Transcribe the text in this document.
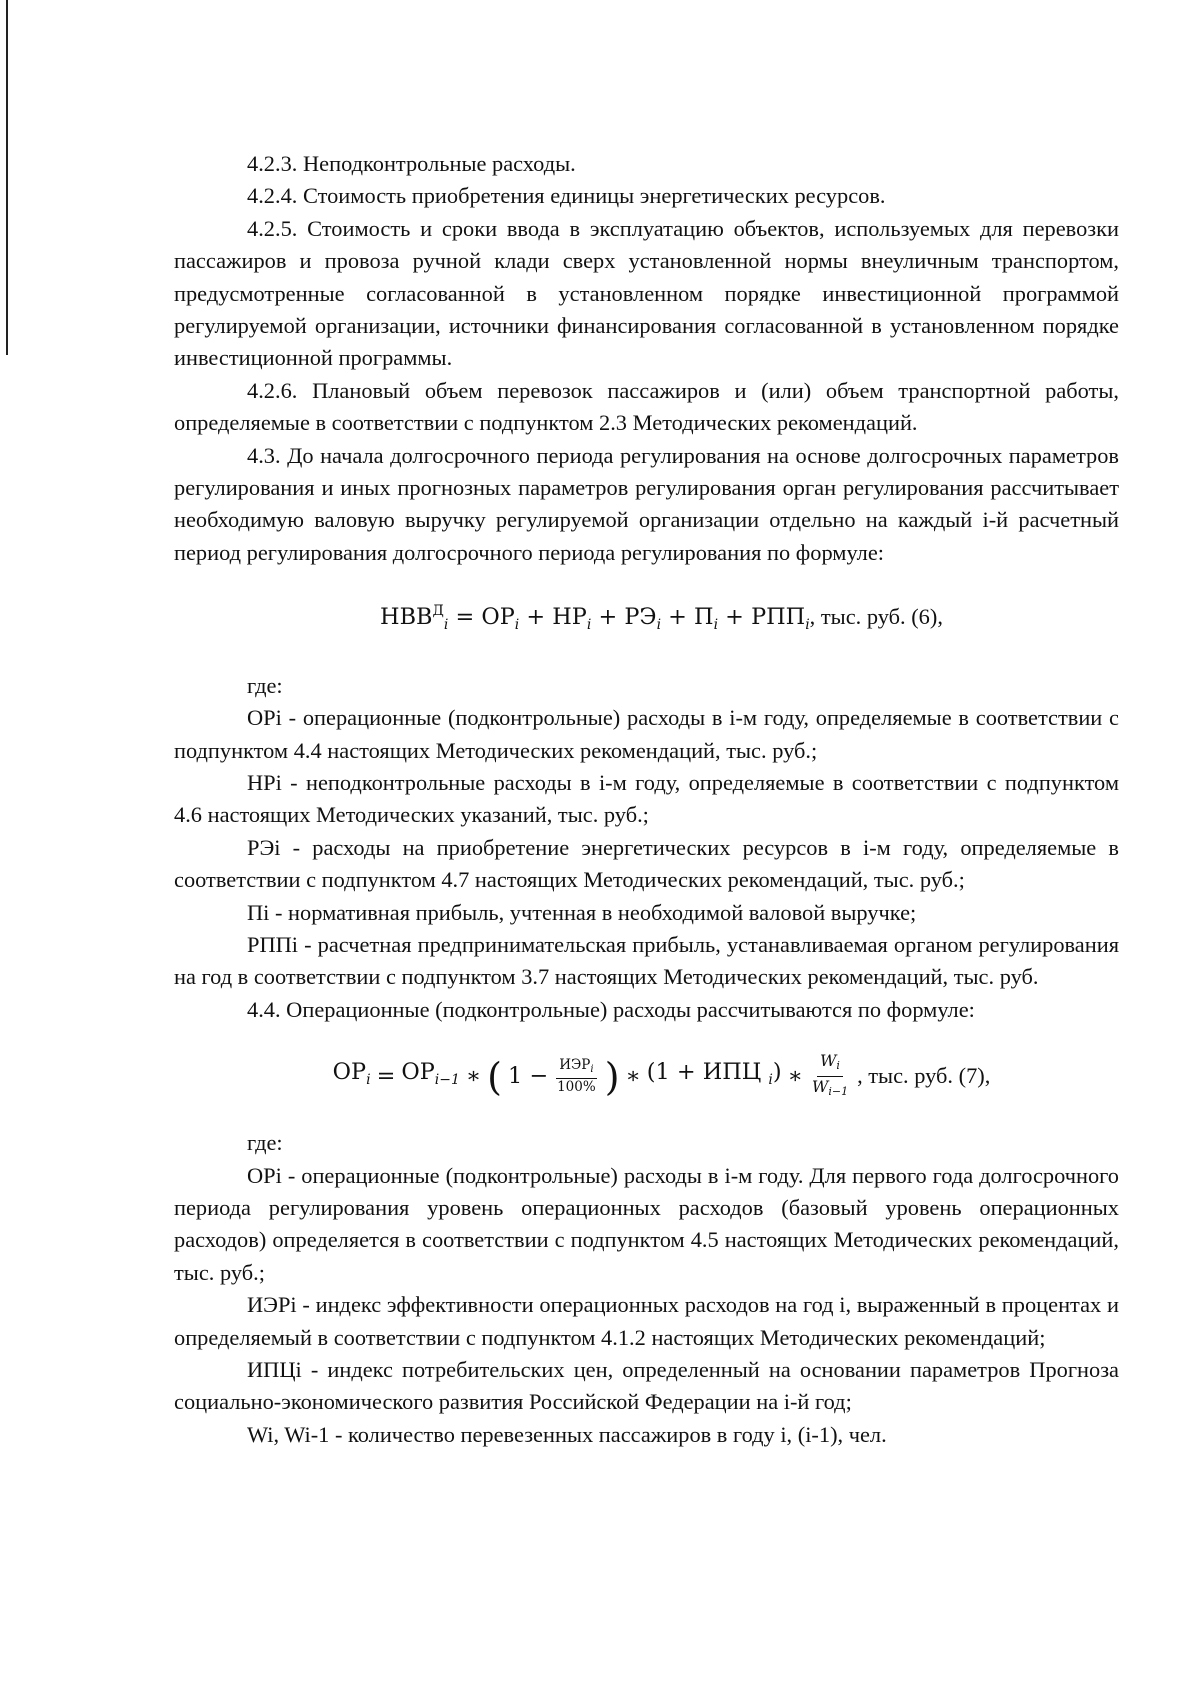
4.2.3. Неподконтрольные расходы.

4.2.4. Стоимость приобретения единицы энергетических ресурсов.

4.2.5. Стоимость и сроки ввода в эксплуатацию объектов, используемых для перевозки пассажиров и провоза ручной клади сверх установленной нормы внеуличным транспортом, предусмотренные согласованной в установленном порядке инвестиционной программой регулируемой организации, источники финансирования согласованной в установленном порядке инвестиционной программы.

4.2.6. Плановый объем перевозок пассажиров и (или) объем транспортной работы, определяемые в соответствии с подпунктом 2.3 Методических рекомендаций.

4.3. До начала долгосрочного периода регулирования на основе долгосрочных параметров регулирования и иных прогнозных параметров регулирования орган регулирования рассчитывает необходимую валовую выручку регулируемой организации отдельно на каждый i-й расчетный период регулирования долгосрочного периода регулирования по формуле:

$НВВ^Д_i = ОР_i + НР_i + РЭ_i + П_i + РПП_i$, тыс. руб. (6),

где:

ОРi - операционные (подконтрольные) расходы в i-м году, определяемые в соответствии с подпунктом 4.4 настоящих Методических рекомендаций, тыс. руб.;

НРi - неподконтрольные расходы в i-м году, определяемые в соответствии с подпунктом 4.6 настоящих Методических указаний, тыс. руб.;

РЭi - расходы на приобретение энергетических ресурсов в i-м году, определяемые в соответствии с подпунктом 4.7 настоящих Методических рекомендаций, тыс. руб.;

Пi - нормативная прибыль, учтенная в необходимой валовой выручке;

РППi - расчетная предпринимательская прибыль, устанавливаемая органом регулирования на год в соответствии с подпунктом 3.7 настоящих Методических рекомендаций, тыс. руб.

4.4. Операционные (подконтрольные) расходы рассчитываются по формуле:

$ОР_i = ОР_{i-1}$ ∗ ( $1 - \frac{ИЭР_i}{100\%}$ ) ∗ (1 + ИПЦ $_i$) ∗ $\frac{Wi}{Wi-1}$ , тыс. руб. (7),

где:

ОРi - операционные (подконтрольные) расходы в i-м году. Для первого года долгосрочного периода регулирования уровень операционных расходов (базовый уровень операционных расходов) определяется в соответствии с подпунктом 4.5 настоящих Методических рекомендаций, тыс. руб.;

ИЭРi - индекс эффективности операционных расходов на год i, выраженный в процентах и определяемый в соответствии с подпунктом 4.1.2 настоящих Методических рекомендаций;

ИПЦi - индекс потребительских цен, определенный на основании параметров Прогноза социально-экономического развития Российской Федерации на i-й год;

Wi, Wi-1 - количество перевезенных пассажиров в году i, (i-1), чел.
